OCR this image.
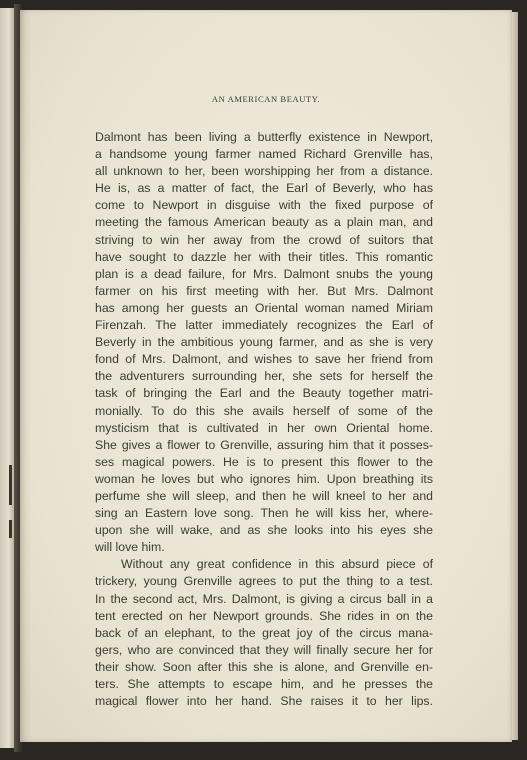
AN AMERICAN BEAUTY.
Dalmont has been living a butterfly existence in Newport,
a handsome young farmer named Richard Grenville has,
all unknown to her, been worshipping her from a distance.
He is, as a matter of fact, the Earl of Beverly, who has
come to Newport in disguise with the fixed purpose of
meeting the famous American beauty as a plain man, and
striving to win her away from the crowd of suitors that
have sought to dazzle her with their titles. This romantic
plan is a dead failure, for Mrs. Dalmont snubs the young
farmer on his first meeting with her. But Mrs. Dalmont
has among her guests an Oriental woman named Miriam
Firenzah. The latter immediately recognizes the Earl of
Beverly in the ambitious young farmer, and as she is very
fond of Mrs. Dalmont, and wishes to save her friend from
the adventurers surrounding her, she sets for herself the
task of bringing the Earl and the Beauty together matri-
monially. To do this she avails herself of some of the
mysticism that is cultivated in her own Oriental home.
She gives a flower to Grenville, assuring him that it posses-
ses magical powers. He is to present this flower to the
woman he loves but who ignores him. Upon breathing its
perfume she will sleep, and then he will kneel to her and
sing an Eastern love song. Then he will kiss her, where-
upon she will wake, and as she looks into his eyes she
will love him.
Without any great confidence in this absurd piece of
trickery, young Grenville agrees to put the thing to a test.
In the second act, Mrs. Dalmont, is giving a circus ball in a
tent erected on her Newport grounds. She rides in on the
back of an elephant, to the great joy of the circus mana-
gers, who are convinced that they will finally secure her for
their show. Soon after this she is alone, and Grenville en-
ters. She attempts to escape him, and he presses the
magical flower into her hand. She raises it to her lips.
